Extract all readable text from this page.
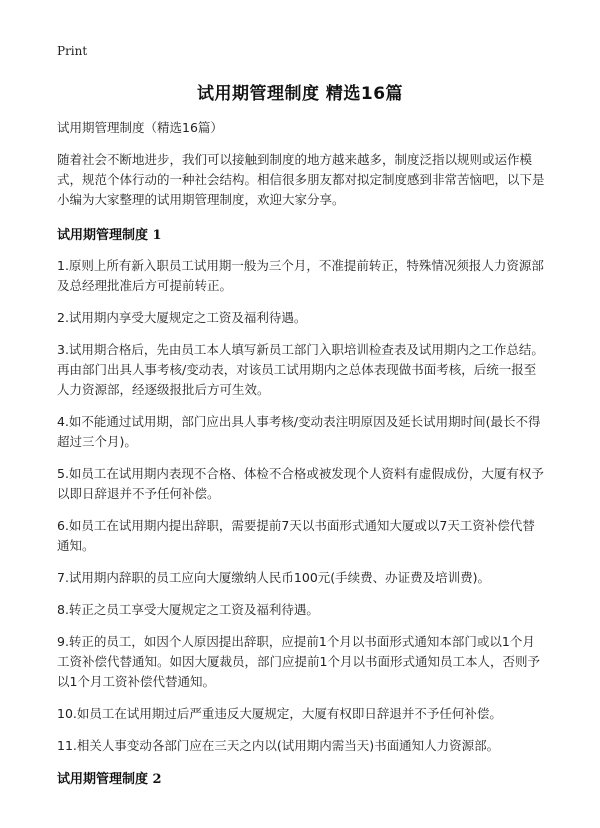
Print
试用期管理制度 精选16篇

试用期管理制度（精选16篇）

随着社会不断地进步，我们可以接触到制度的地方越来越多，制度泛指以规则或运作模式，规范个体行动的一种社会结构。相信很多朋友都对拟定制度感到非常苦恼吧，以下是小编为大家整理的试用期管理制度，欢迎大家分享。

试用期管理制度 1

1.原则上所有新入职员工试用期一般为三个月，不准提前转正，特殊情况须报人力资源部及总经理批准后方可提前转正。

2.试用期内享受大厦规定之工资及福利待遇。

3.试用期合格后，先由员工本人填写新员工部门入职培训检查表及试用期内之工作总结。再由部门出具人事考核/变动表，对该员工试用期内之总体表现做书面考核，后统一报至人力资源部，经逐级报批后方可生效。

4.如不能通过试用期，部门应出具人事考核/变动表注明原因及延长试用期时间(最长不得超过三个月)。

5.如员工在试用期内表现不合格、体检不合格或被发现个人资料有虚假成份，大厦有权予以即日辞退并不予任何补偿。

6.如员工在试用期内提出辞职，需要提前7天以书面形式通知大厦或以7天工资补偿代替通知。

7.试用期内辞职的员工应向大厦缴纳人民币100元(手续费、办证费及培训费)。

8.转正之员工享受大厦规定之工资及福利待遇。

9.转正的员工，如因个人原因提出辞职，应提前1个月以书面形式通知本部门或以1个月工资补偿代替通知。如因大厦裁员，部门应提前1个月以书面形式通知员工本人，否则予以1个月工资补偿代替通知。

10.如员工在试用期过后严重违反大厦规定，大厦有权即日辞退并不予任何补偿。

11.相关人事变动各部门应在三天之内以(试用期内需当天)书面通知人力资源部。

试用期管理制度 2
